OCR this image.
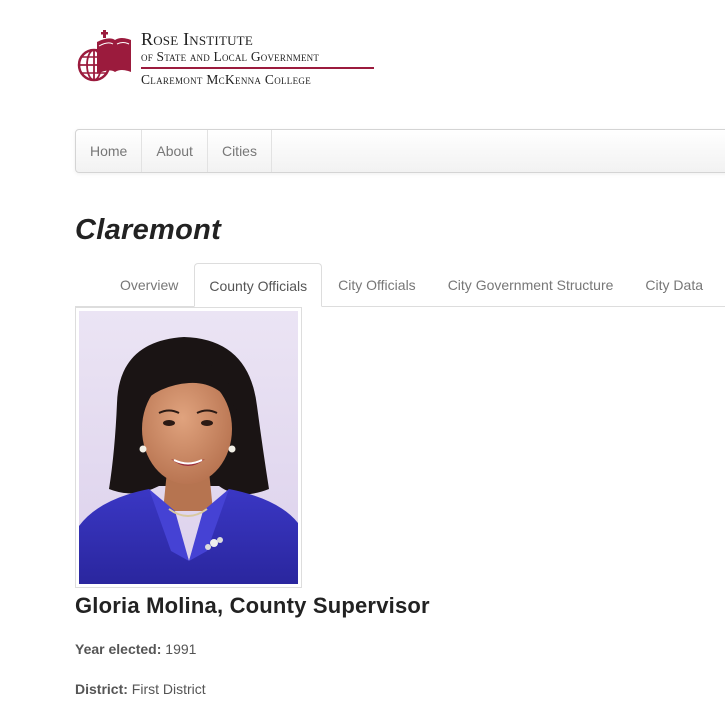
Rose Institute
of State and Local Government
Claremont McKenna College
Home	About	Cities
Claremont
Overview	County Officials	City Officials	City Government Structure	City Data
Gloria Molina, County Supervisor
Year elected: 1991
District: First District
